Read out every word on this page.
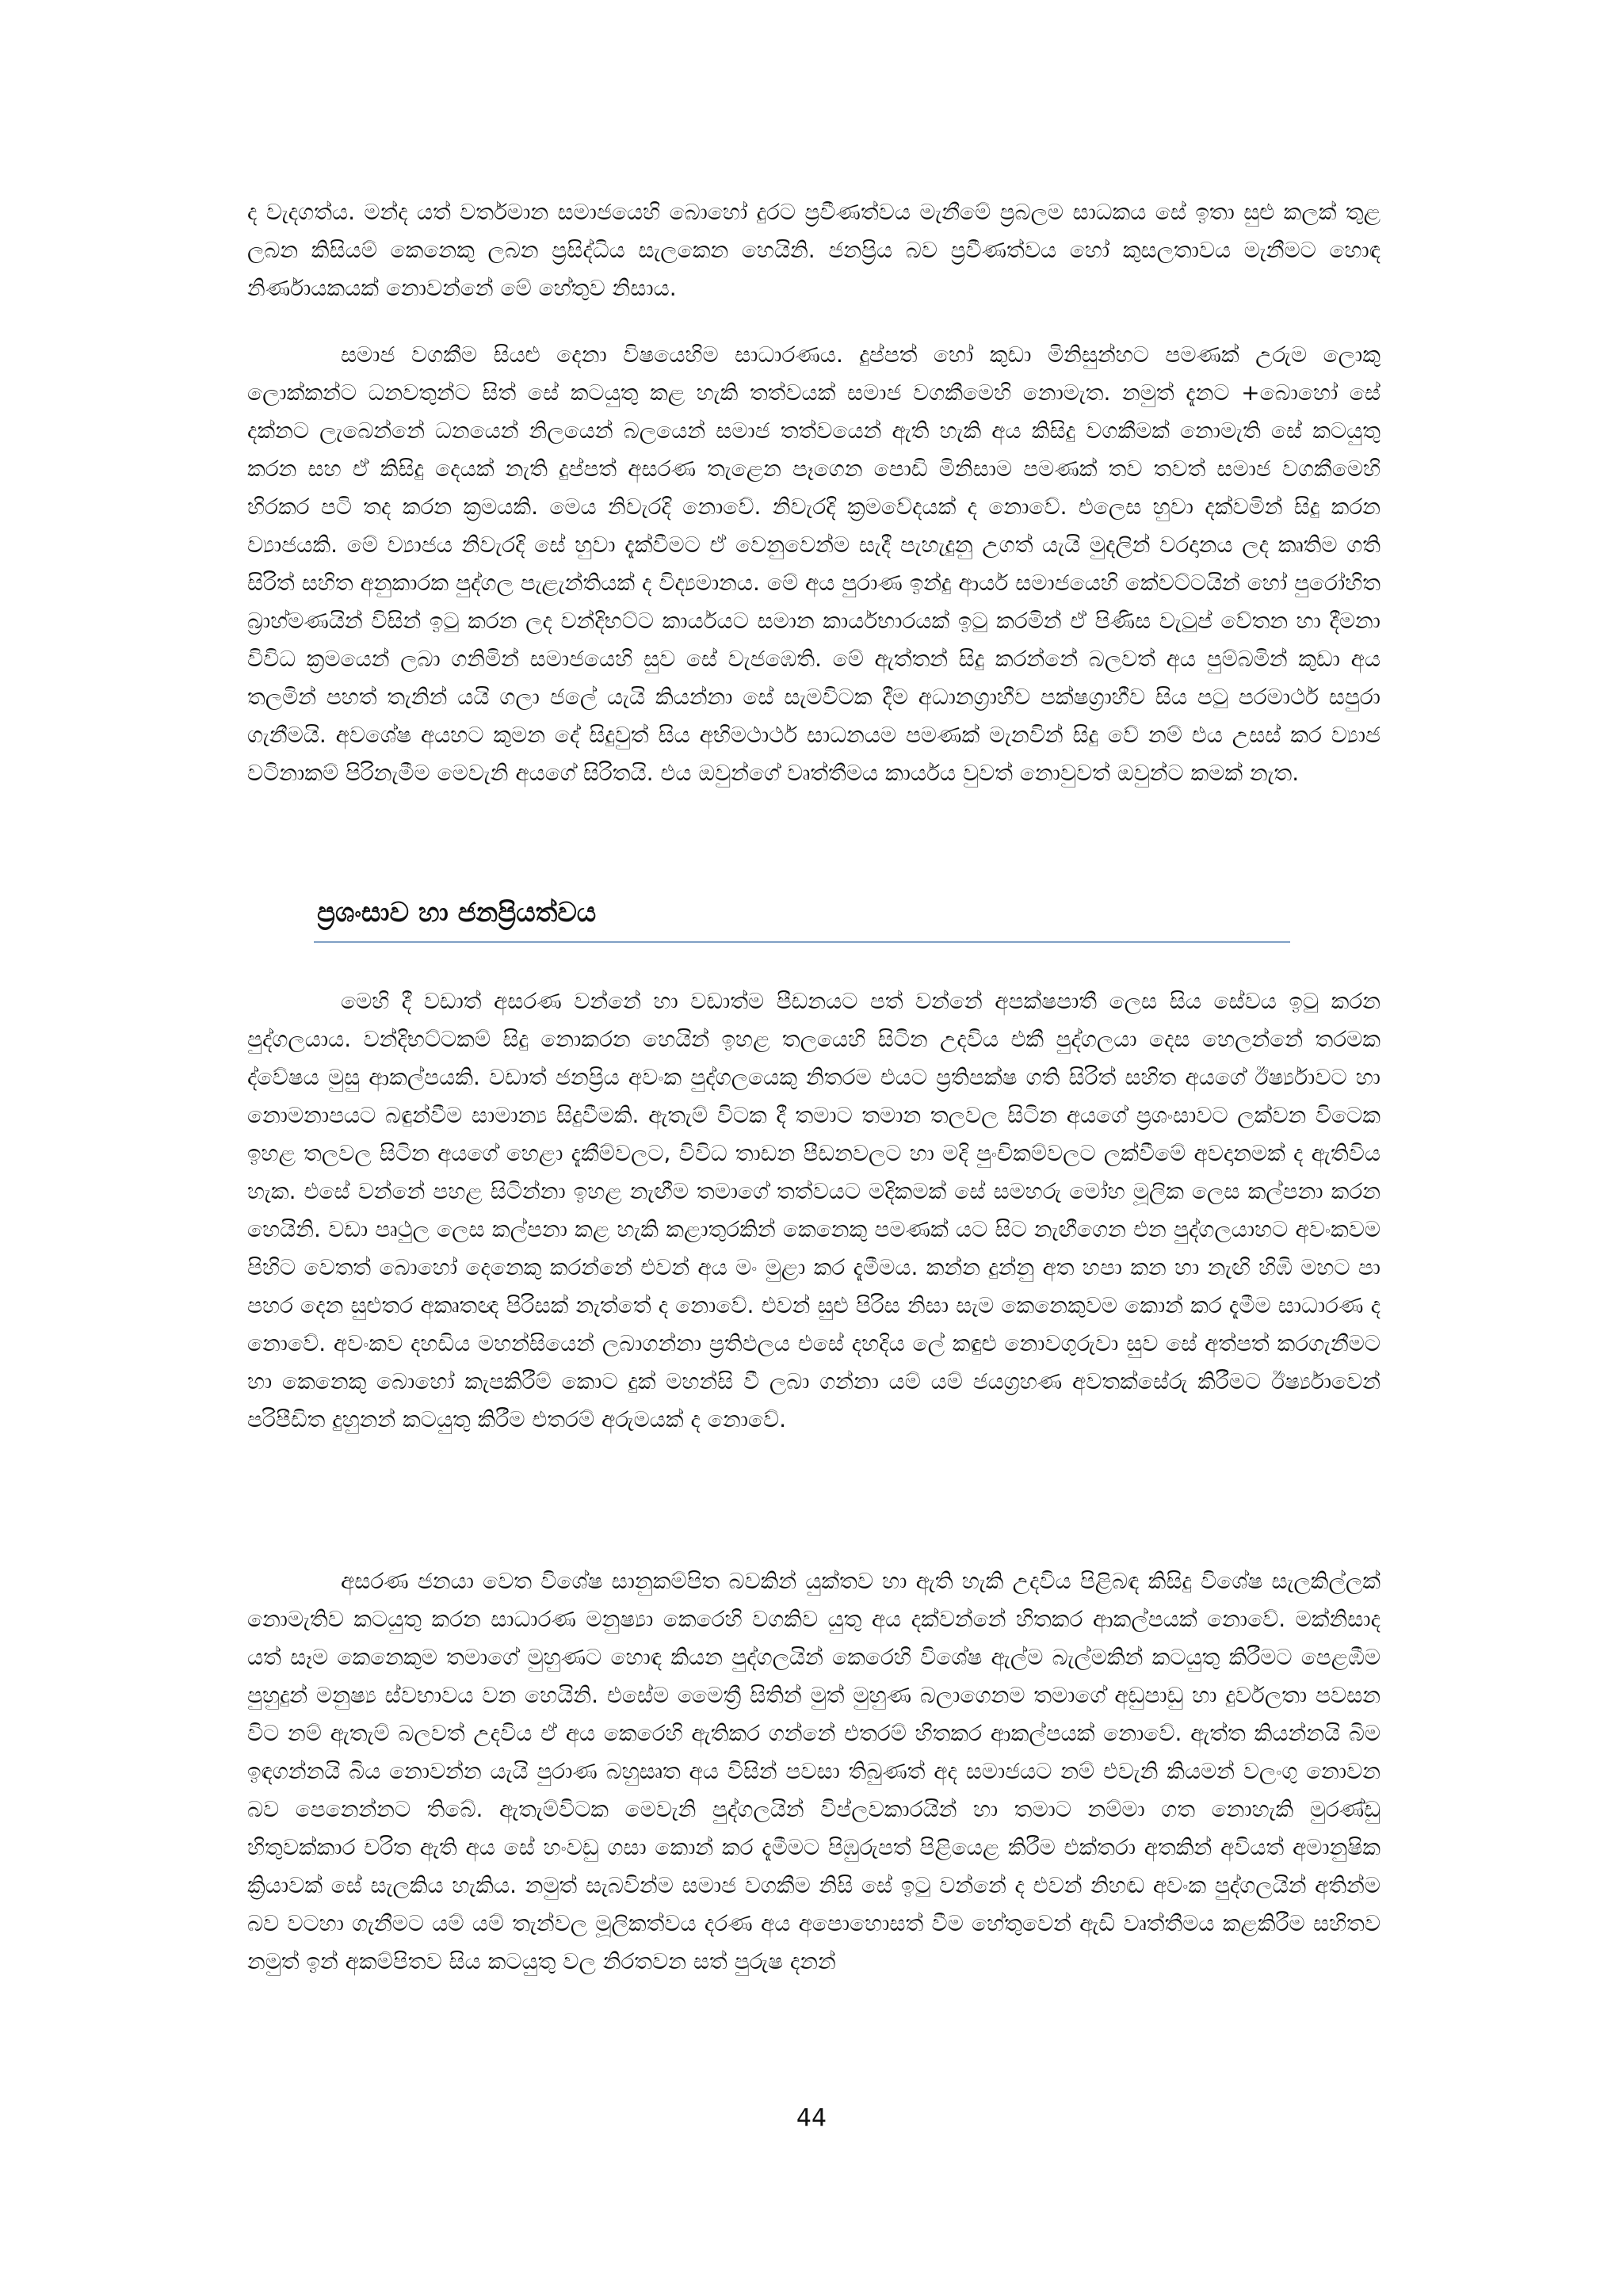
ද වැදගත්ය. මන්ද යත් වර්තමාන සමාජයෙහි බොහෝ දුරට ප්‍රවීණත්වය මැනීමේ ප්‍රබලම සාධකය සේ ඉතා සුළු කලක් තුළ ලබන කිසියම් කෙනෙකු ලබන ප්‍රසිද්ධිය සැලකෙන හෙයිනි. ජනප්‍රිය බව ප්‍රවීණත්වය හෝ කුසලතාවය මැනීමට හොඳ නිර්ණායකයක් නොවන්නේ මේ හේතුව නිසාය.

සමාජ වගකීම සියළු දෙනා විෂයෙහිම සාධාරණය. දුප්පත් හෝ කුඩා මිනිසුන්හට පමණක් උරුම ලොකු ලොක්කන්ට ධනවතුන්ට සිත් සේ කටයුතු කළ හැකි තත්වයක් සමාජ වගකීමෙහි නොමැත. නමුත් දැනට +බොහෝ සේ දක්නට ලැබෙන්නේ ධනයෙන් නිලයෙන් බලයෙන් සමාජ තත්වයෙන් ඇති හැකි අය කිසිදු වගකීමක් නොමැති සේ කටයුතු කරන සහ ඒ කිසිදු දෙයක් නැති දුප්පත් අසරණ තැළෙන පෑගෙන පොඩි මිනිසාම පමණක් තව තවත් සමාජ වගකීමෙහි හිරකර පටි තද කරන ක්‍රමයකි. මෙය නිවැරදි නොවේ. නිවැරදි ක්‍රමවේදයක් ද නොවේ. එලෙස හුවා දක්වමින් සිදු කරන ව්‍යාජයකි. මේ ව්‍යාජය නිවැරදි සේ හුවා දැක්වීමට ඒ වෙනුවෙන්ම සැදී පැහැදුනු උගත් යැයි මුදලින් වරදානය ලද කෘතිම ගති සිරිත් සහිත අනුකාරක පුද්ගල පැළැන්තියක් ද විද්‍යමානය. මේ අය පුරාණ ඉන්දු ආර්ය සමාජයෙහි කේවට්ටයින් හෝ පුරෝහිත බ්‍රාහ්මණයින් විසින් ඉටු කරන ලද වන්දිභට්ට කාර්යයට සමාන කාර්යභාරයක් ඉටු කරමින් ඒ පිණිස වැටුප් වේතන හා දීමනා විවිධ ක්‍රමයෙන් ලබා ගනිමින් සමාජයෙහි සුව සේ වැජඹෙති. මේ ඇත්තන් සිදු කරන්නේ බලවත් අය පුම්බමින් කුඩා අය තලමින් පහත් තැනින් යයි ගලා ජලේ යැයි කියන්නා සේ සැමවිටක දීම අධානග්‍රාහීව පක්ෂග්‍රාහීව සිය පටු පරමාර්ථ සපුරා ගැනීමයි. අවශේෂ අයහට කුමන දේ සිදුවුත් සිය අභිමථාර්ථ සාධනයම පමණක් මැනවින් සිදු වේ නම් එය උසස් කර ව්‍යාජ වටිනාකම් පිරිනැමීම මෙවැනි අයගේ සිරිතයි. එය ඔවුන්ගේ වෘත්තීමය කාර්යය වුවත් නොවුවත් ඔවුන්ට කමක් නැත.

ප්‍රශංසාව හා ජනප්‍රියත්වය

මෙහි දී වඩාත් අසරණ වන්නේ හා වඩාත්ම පීඩනයට පත් වන්නේ අපක්ෂපාතී ලෙස සිය සේවය ඉටු කරන පුද්ගලයාය. වන්දිභට්ටකම් සිදු නොකරන හෙයින් ඉහළ තලයෙහි සිටින උදවිය එකී පුද්ගලයා දෙස හෙලන්නේ තරමක ද්වේෂය මුසු ආකල්පයකි. වඩාත් ජනප්‍රිය අවංක පුද්ගලයෙකු නිතරම එයට ප්‍රතිපක්ෂ ගති සිරිත් සහිත අයගේ ඊර්ෂ්‍යාවට හා නොමනාපයට බඳුන්වීම සාමාන්‍ය සිදුවීමකි. ඇතැම් විටක දී තමාට තමාන තලවල සිටින අයගේ ප්‍රශංසාවට ලක්වන විටෙක ඉහළ තලවල සිටින අයගේ හෙළා දැකීම්වලට, විවිධ තාඩන පීඩනවලට හා මදි පුංචිකම්වලට ලක්වීමේ අවදානමක් ද ඇතිවිය හැක. එසේ වන්නේ පහළ සිටින්නා ඉහළ නැඟීම තමාගේ තත්වයට මදිකමක් සේ සමහරු මෝහ මූලික ලෙස කල්පනා කරන හෙයිනි. වඩා පෘථුල ලෙස කල්පනා කළ හැකි කළාතුරකින් කෙනෙකු පමණක් යට සිට නැඟීගෙන එන පුද්ගලයාහට අවංකවම පිහිට වෙතත් බොහෝ දෙනෙකු කරන්නේ එවන් අය මං මුළා කර දැමීමය. කන්න දුන්නු අත හපා කන හා නැඟි හිඹි මහට පා පහර දෙන සුළුතර අකෘතඥ පිරිසක් නැත්තේ ද නොවේ. එවන් සුළු පිරිස නිසා සැම කෙනෙකුවම කොන් කර දැමීම සාධාරණ ද නොවේ. අවංකව දහඩිය මහන්සියෙන් ලබාගන්නා ප්‍රතිඵලය එසේ දහදිය ලේ කඳුළු නොවගුරුවා සුව සේ අත්පත් කරගැනීමට හා කෙනෙකු බොහෝ කැපකිරීම් කොට දුක් මහන්සි වී ලබා ගන්නා යම් යම් ජයග්‍රහණ අවතක්සේරු කිරීමට ඊර්ෂ්‍යාවෙන් පරිපීඩිත දුහුනන් කටයුතු කිරීම එතරම් අරුමයක් ද නොවේ.

අසරණ ජනයා වෙත විශේෂ සානුකම්පිත බවකින් යුක්තව හා ඇති හැකි උදවිය පිළිබඳ කිසිදු විශේෂ සැලකිල්ලක් නොමැතිව කටයුතු කරන සාධාරණ මනුෂ්‍යා කෙරෙහි වගකිව යුතු අය දක්වන්නේ හිතකර ආකල්පයක් නොවේ. මක්නිසාද යත් සෑම කෙනෙකුම තමාගේ මුහුණට හොඳ කියන පුද්ගලයින් කෙරෙහි විශේෂ ඇල්ම බැල්මකින් කටයුතු කිරීමට පෙළඹීම පුහුදුන් මනුෂ්‍ය ස්වභාවය වන හෙයිනි. එසේම මෛත්‍රී සිතින් මුත් මුහුණ බලාගෙනම තමාගේ අඩුපාඩු හා දුර්වලතා පවසන විට නම් ඇතැම් බලවත් උදවිය ඒ අය කෙරෙහි ඇතිකර ගන්නේ එතරම් හිතකර ආකල්පයක් නොවේ. ඇත්ත කියන්නයි බිම ඉඳගන්නයි බිය නොවන්න යැයි පුරාණ බහුසෘත අය විසින් පවසා තිබුණත් අද සමාජයට නම් එවැනි කියමන් වලංගු නොවන බව පෙනෙන්නට තිබේ. ඇතැම්විටක මෙවැනි පුද්ගලයින් විප්ලවකාරයින් හා තමාට නම්මා ගත නොහැකි මුරණ්ඩු හිතුවක්කාර චරිත ඇති අය සේ හංවඩු ගසා කොන් කර දැමීමට පිඹුරුපත් පිළියෙළ කිරීම එක්තරා අතකින් අවියත් අමානුෂික ක්‍රියාවක් සේ සැලකිය හැකිය. නමුත් සැබවින්ම සමාජ වගකීම නිසි සේ ඉටු වන්නේ ද එවන් නිහඬ අවංක පුද්ගලයින් අතින්ම බව වටහා ගැනීමට යම් යම් තැන්වල මූලිකත්වය දරණ අය අපොහොසත් වීම හේතුවෙන් ඇඩි වෘත්තීමය කළකිරීම සහිතව නමුත් ඉන් අකම්පිතව සිය කටයුතු වල නිරතවන සත් පුරුෂ දනන්

44
